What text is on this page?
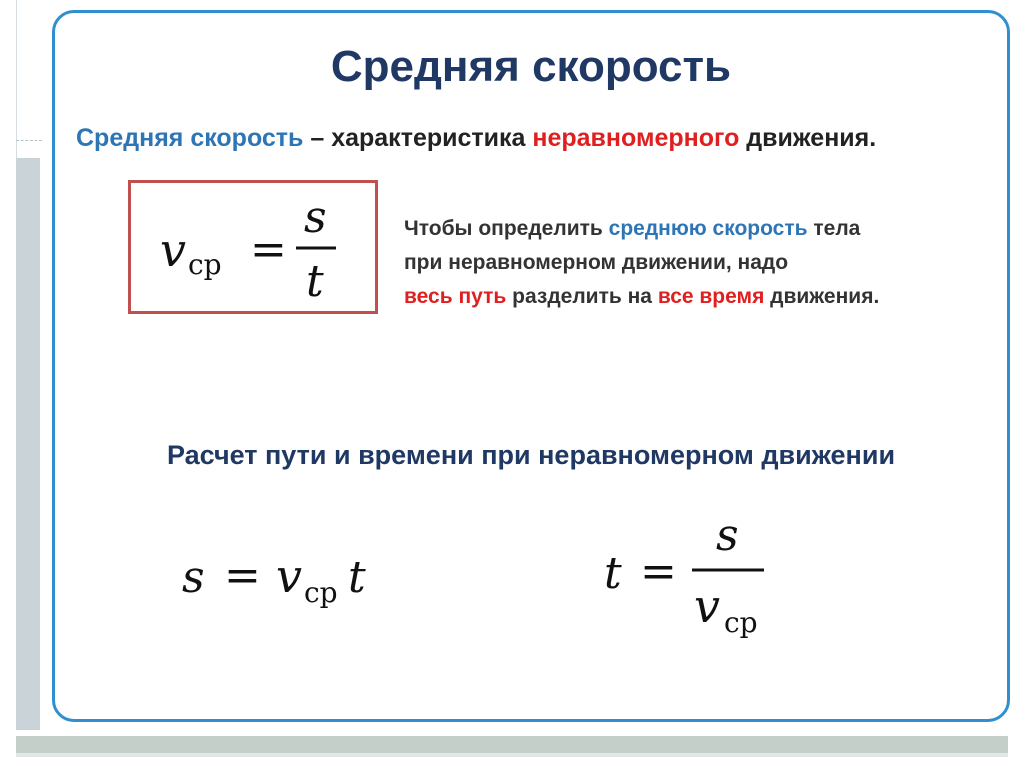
Средняя скорость
Средняя скорость – характеристика неравномерного движения.
v ср =
s
t

Чтобы определить среднюю скорость тела

при неравномерном движении, надо

весь путь разделить на все время движения.

Расчет пути и времени при неравномерном движении
s = v ср t	t =
s
v ср
